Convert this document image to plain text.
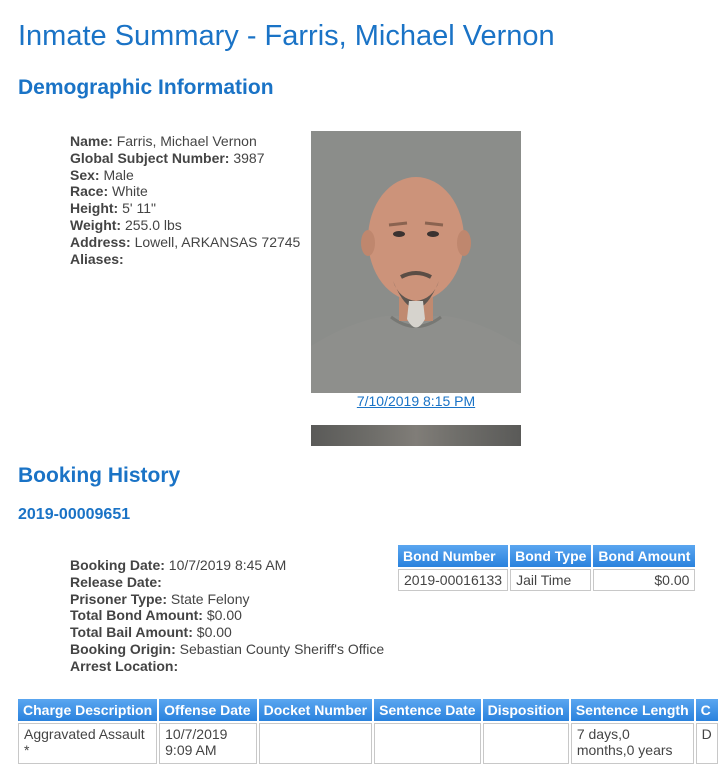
Inmate Summary - Farris, Michael Vernon
Demographic Information
Name: Farris, Michael Vernon
Global Subject Number: 3987
Sex: Male
Race: White
Height: 5' 11"
Weight: 255.0 lbs
Address: Lowell, ARKANSAS 72745
Aliases:
7/10/2019 8:15 PM
Booking History
2019-00009651
Booking Date: 10/7/2019 8:45 AM
Release Date:
Prisoner Type: State Felony
Total Bond Amount: $0.00
Total Bail Amount: $0.00
Booking Origin: Sebastian County Sheriff's Office
Arrest Location:
Bond Number	Bond Type	Bond Amount
2019-00016133	Jail Time	$0.00
Charge Description	Offense Date	Docket Number	Sentence Date	Disposition	Sentence Length	C
Aggravated Assault *	10/7/2019 9:09 AM				7 days,0 months,0 years	D
